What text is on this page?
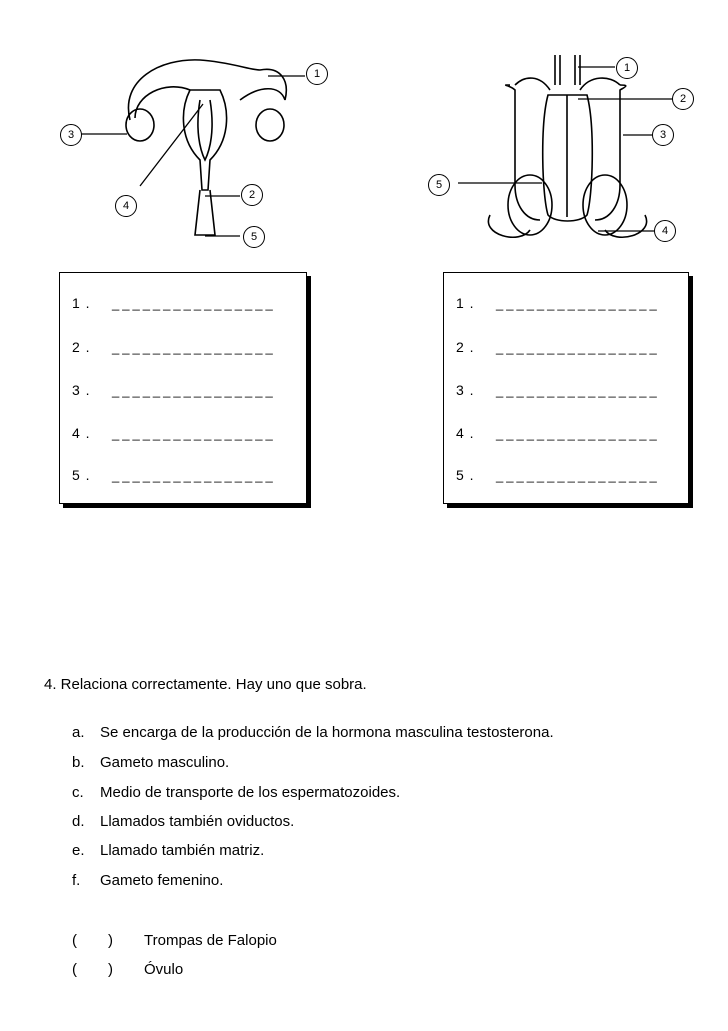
1
2
3
4
5
1
2
3
5
4
1 . ________________
2 . ________________
3 . ________________
4 . ________________
5 . ________________
1 . ________________
2 . ________________
3 . ________________
4 . ________________
5 . ________________
4. Relaciona correctamente. Hay uno que sobra.
a. Se encarga de la producción de la hormona masculina testosterona.
b. Gameto masculino.
c. Medio de transporte de los espermatozoides.
d. Llamados también oviductos.
e. Llamado también matriz.
f. Gameto femenino.
( ) Trompas de Falopio
( ) Óvulo
